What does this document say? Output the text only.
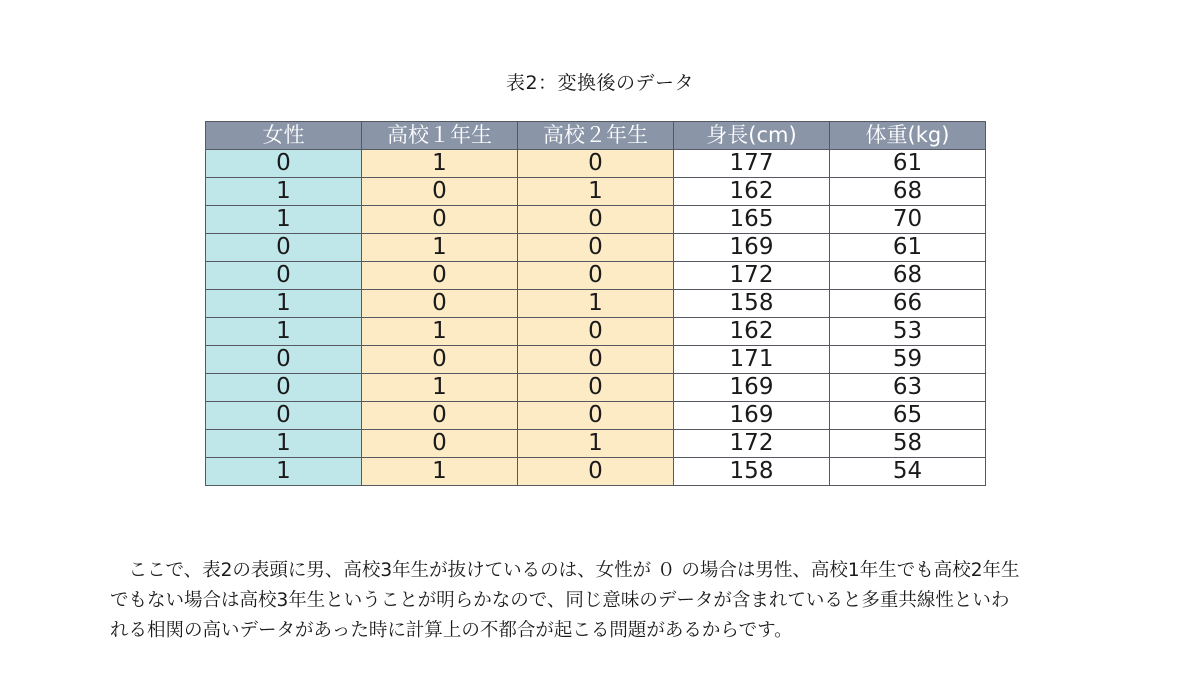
表2：変換後のデータ
女性	高校１年生	高校２年生	身長(cm)	体重(kg)
0	1	0	177	61
1	0	1	162	68
1	0	0	165	70
0	1	0	169	61
0	0	0	172	68
1	0	1	158	66
1	1	0	162	53
0	0	0	171	59
0	1	0	169	63
0	0	0	169	65
1	0	1	172	58
1	1	0	158	54

　ここで、表2の表頭に男、高校3年生が抜けているのは、女性が ０ の場合は男性、高校1年生でも高校2年生

でもない場合は高校3年生ということが明らかなので、同じ意味のデータが含まれていると多重共線性といわ

れる相関の高いデータがあった時に計算上の不都合が起こる問題があるからです。
